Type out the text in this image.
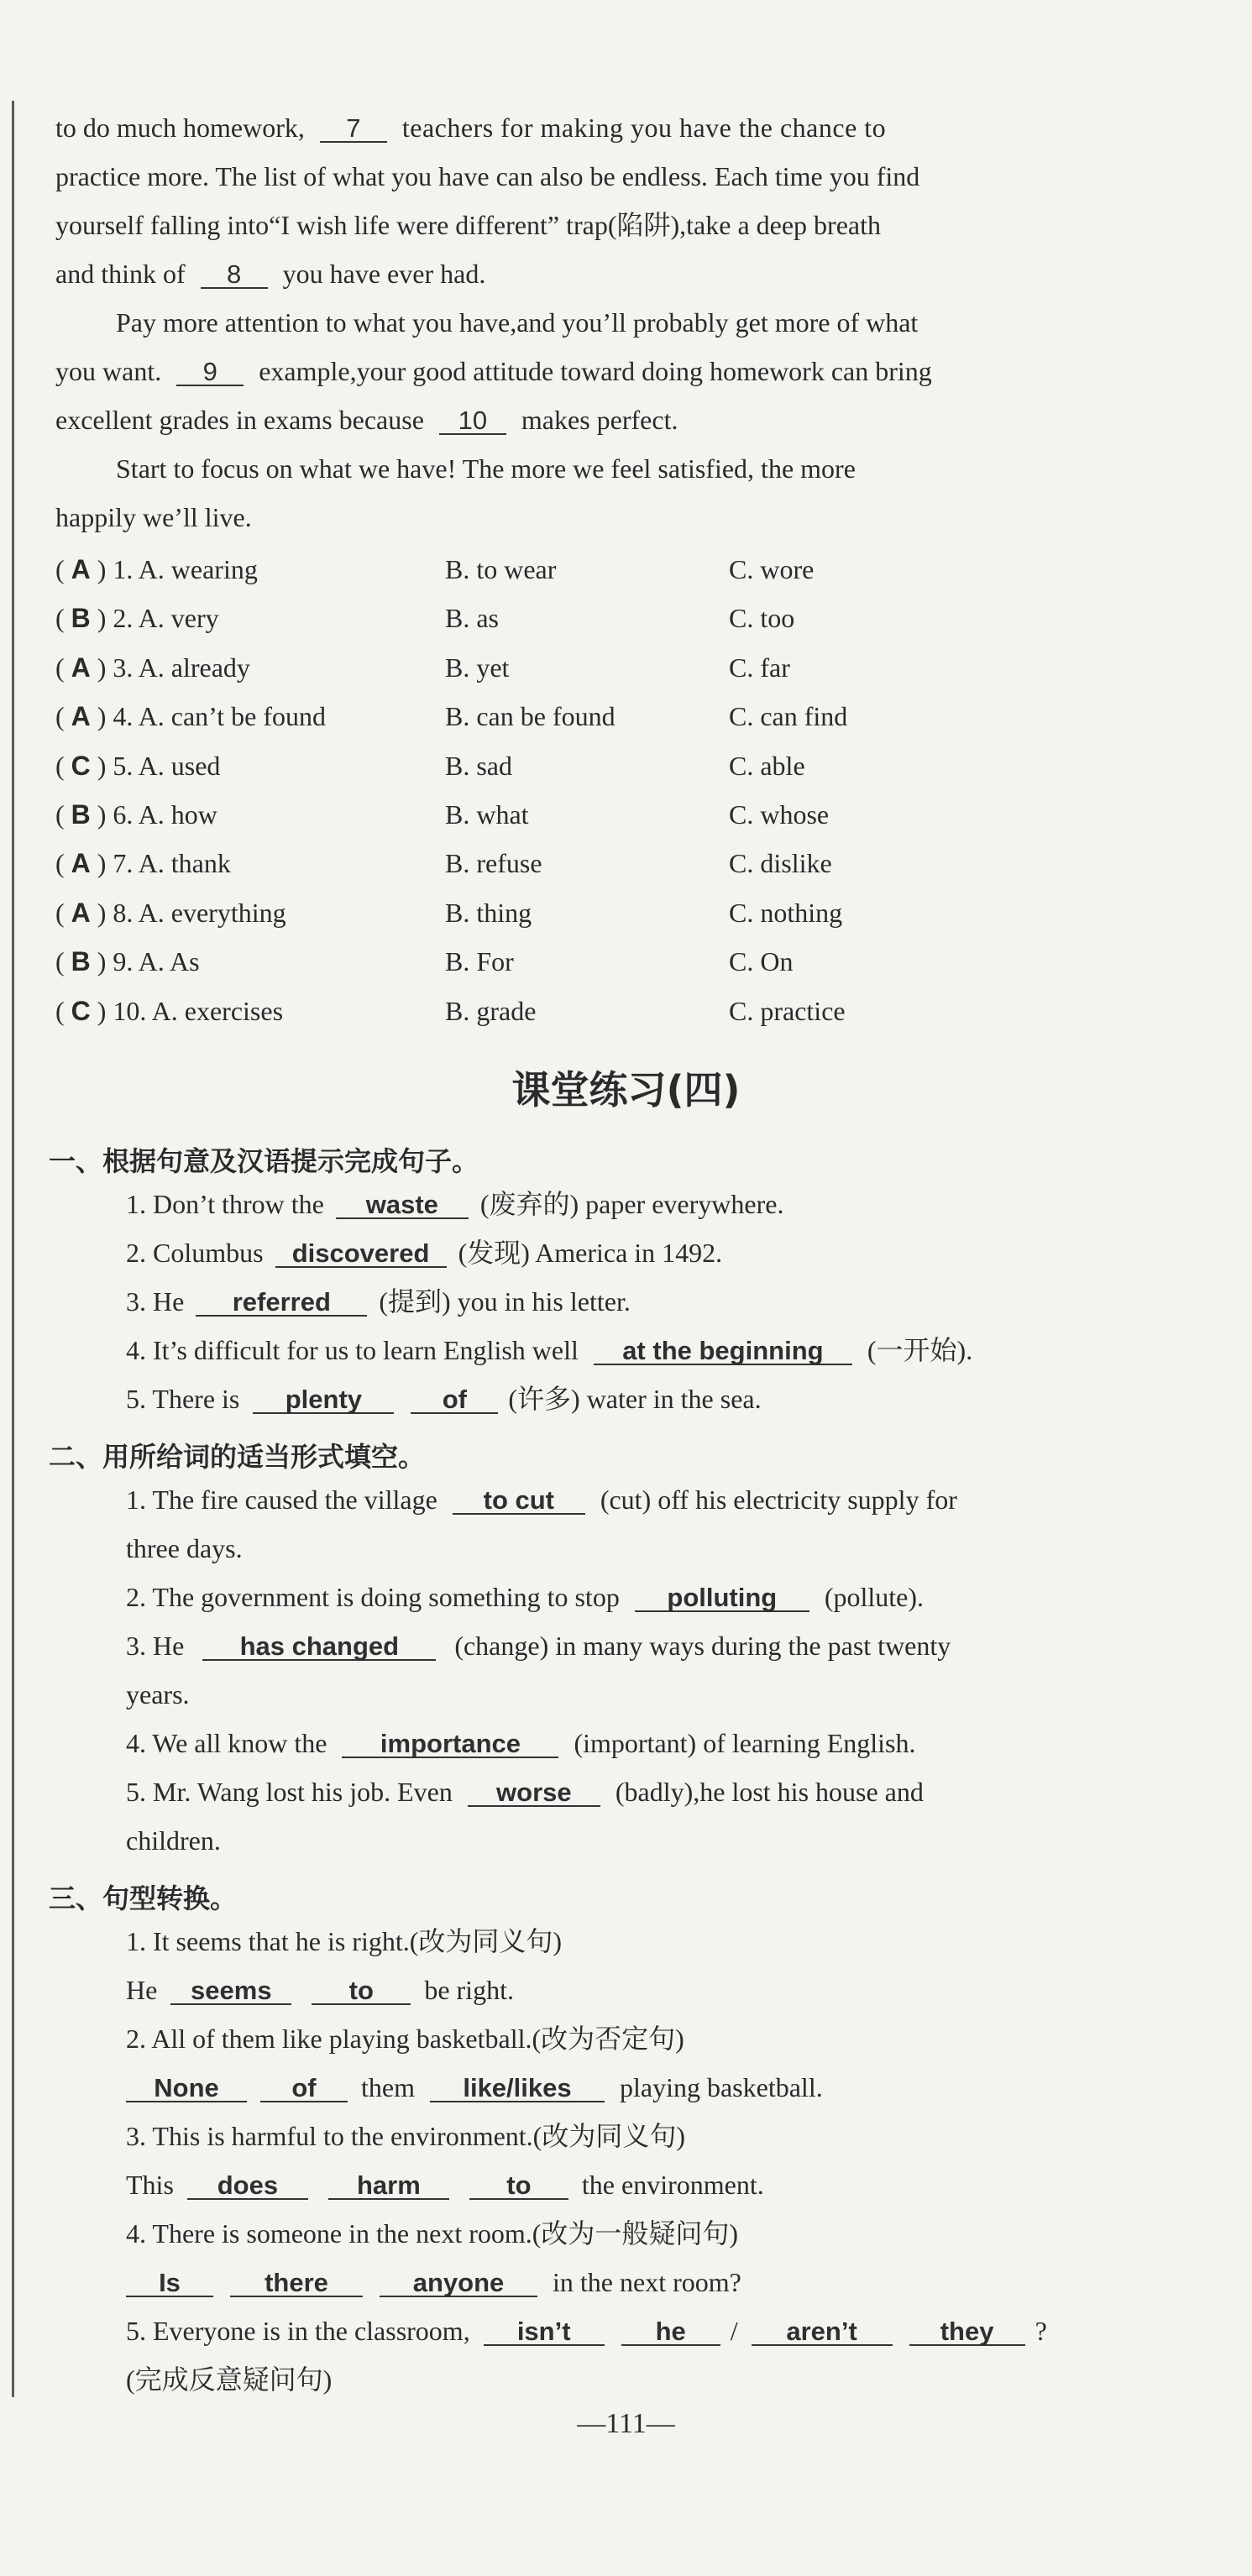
to do much homework, 7 teachers for making you have the chance to
practice more. The list of what you have can also be endless. Each time you find
yourself falling into“I wish life were different” trap(陷阱),take a deep breath
and think of 8 you have ever had.
Pay more attention to what you have,and you’ll probably get more of what
you want. 9 example,your good attitude toward doing homework can bring
excellent grades in exams because 10 makes perfect.
Start to focus on what we have! The more we feel satisfied, the more
happily we’ll live.
( A ) 1. A. wearing	B. to wear	C. wore
( B ) 2. A. very	B. as	C. too
( A ) 3. A. already	B. yet	C. far
( A ) 4. A. can’t be found	B. can be found	C. can find
( C ) 5. A. used	B. sad	C. able
( B ) 6. A. how	B. what	C. whose
( A ) 7. A. thank	B. refuse	C. dislike
( A ) 8. A. everything	B. thing	C. nothing
( B ) 9. A. As	B. For	C. On
( C ) 10. A. exercises	B. grade	C. practice
课堂练习(四)
一、根据句意及汉语提示完成句子。
1. Don’t throw the waste (废弃的) paper everywhere.
2. Columbus discovered (发现) America in 1492.
3. He referred (提到) you in his letter.
4. It’s difficult for us to learn English well at the beginning (一开始).
5. There is plenty	of (许多) water in the sea.
二、用所给词的适当形式填空。
1. The fire caused the village to cut (cut) off his electricity supply for
three days.
2. The government is doing something to stop polluting (pollute).
3. He has changed (change) in many ways during the past twenty
years.
4. We all know the importance (important) of learning English.
5. Mr. Wang lost his job. Even worse (badly),he lost his house and
children.
三、句型转换。
1. It seems that he is right.(改为同义句)
He seems	to be right.
2. All of them like playing basketball.(改为否定句)
None	of them like/likes playing basketball.
3. This is harmful to the environment.(改为同义句)
This does	harm	to the environment.
4. There is someone in the next room.(改为一般疑问句)
Is	there	anyone in the next room?
5. Everyone is in the classroom, isn’t	he / aren’t	they ?
(完成反意疑问句)
—111—
